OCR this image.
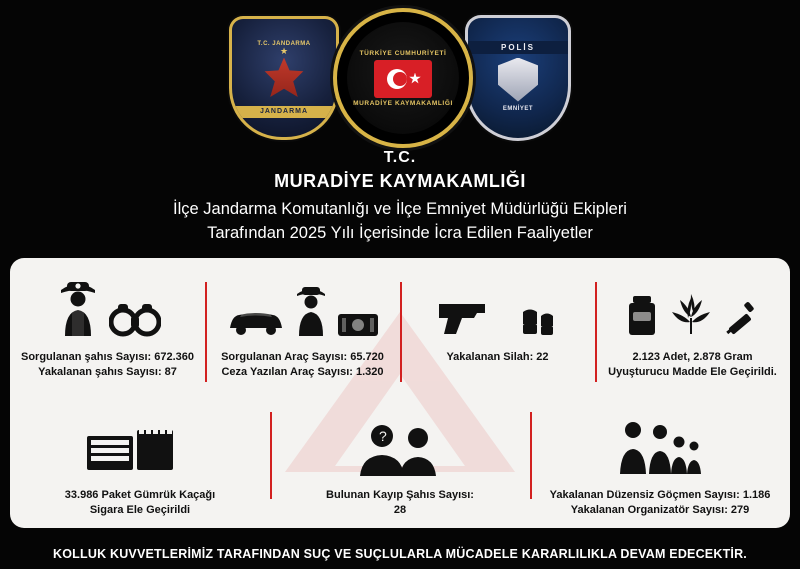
T.C. JANDARMA
★
JANDARMA
TÜRKİYE CUMHURİYETİ
MURADİYE KAYMAKAMLIĞI
POLİS
EMNİYET
T.C.
MURADİYE KAYMAKAMLIĞI
İlçe Jandarma Komutanlığı ve İlçe Emniyet Müdürlüğü Ekipleri
Tarafından 2025 Yılı İçerisinde İcra Edilen Faaliyetler
Sorgulanan şahıs Sayısı: 672.360
Yakalanan şahıs Sayısı: 87
Sorgulanan Araç Sayısı: 65.720
Ceza Yazılan Araç Sayısı: 1.320
Yakalanan Silah: 22	2.123 Adet, 2.878 Gram
Uyuşturucu Madde Ele Geçirildi.
33.986 Paket Gümrük Kaçağı
Sigara Ele Geçirildi
?
Bulunan Kayıp Şahıs Sayısı:
28
Yakalanan Düzensiz Göçmen Sayısı: 1.186
Yakalanan Organizatör Sayısı: 279
KOLLUK KUVVETLERİMİZ TARAFINDAN SUÇ VE SUÇLULARLA MÜCADELE KARARLILIKLA DEVAM EDECEKTİR.
